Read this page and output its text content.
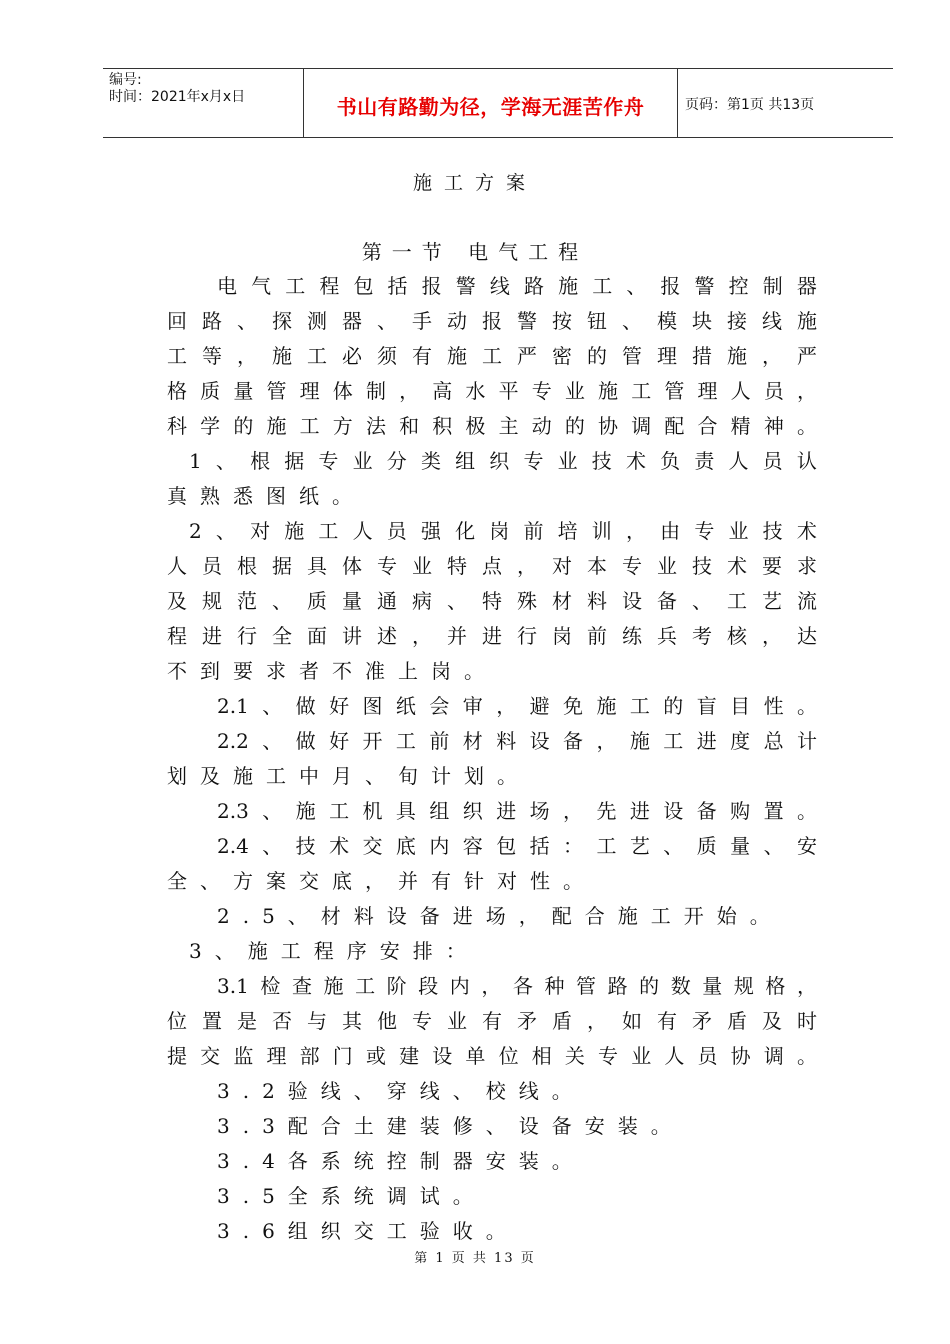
编号:
时间：2021年x月x日	书山有路勤为径，学海无涯苦作舟	页码：第1页 共13页
施工方案
第一节 电气工程
电 气 工 程 包 括 报 警 线 路 施 工 、 报 警 控 制 器
回 路 、 探 测 器 、 手 动 报 警 按 钮 、 模 块 接 线 施
工 等 ， 施 工 必 须 有 施 工 严 密 的 管 理 措 施 ， 严
格 质 量 管 理 体 制 ， 高 水 平 专 业 施 工 管 理 人 员 ，
科 学 的 施 工 方 法 和 积 极 主 动 的 协 调 配 合 精 神 。
1 、 根 据 专 业 分 类 组 织 专 业 技 术 负 责 人 员 认
真熟悉图纸。
2 、 对 施 工 人 员 强 化 岗 前 培 训 ， 由 专 业 技 术
人 员 根 据 具 体 专 业 特 点 ， 对 本 专 业 技 术 要 求
及 规 范 、 质 量 通 病 、 特 殊 材 料 设 备 、 工 艺 流
程 进 行 全 面 讲 述 ， 并 进 行 岗 前 练 兵 考 核 ， 达
不到要求者不准上岗。
2.1 、 做 好 图 纸 会 审 ， 避 免 施 工 的 盲 目 性 。
2.2 、 做 好 开 工 前 材 料 设 备 ， 施 工 进 度 总 计
划及施工中月、旬计划。
2.3 、 施 工 机 具 组 织 进 场 ， 先 进 设 备 购 置 。
2.4 、 技 术 交 底 内 容 包 括 ： 工 艺 、 质 量 、 安
全、方案交底，并有针对性。
2.5、材料设备进场，配合施工开始。
3、施工程序安排：
3.1 检 查 施 工 阶 段 内 ， 各 种 管 路 的 数 量 规 格 ，
位 置 是 否 与 其 他 专 业 有 矛 盾 ， 如 有 矛 盾 及 时
提 交 监 理 部 门 或 建 设 单 位 相 关 专 业 人 员 协 调 。
3.2验线、穿线、校线。
3.3配合土建装修、设备安装。
3.4各系统控制器安装。
3.5全系统调试。
3.6组织交工验收。
第 1 页 共 13 页
